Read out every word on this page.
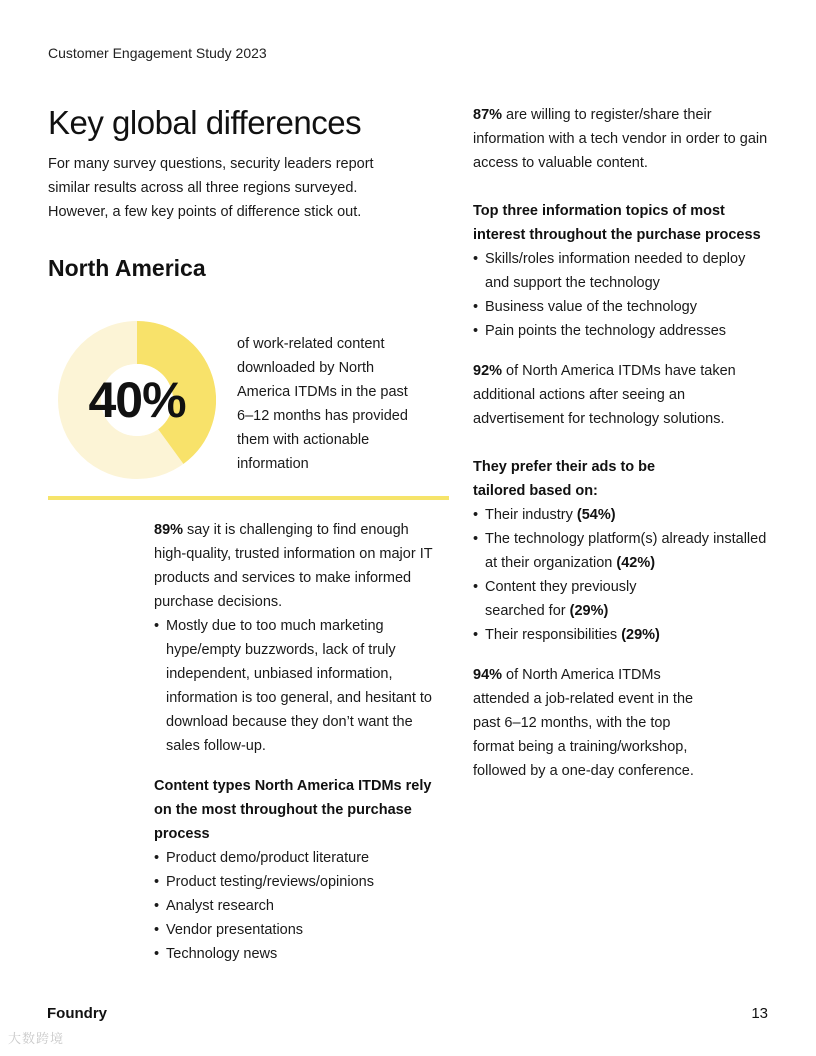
Customer Engagement Study 2023
Key global differences

For many survey questions, security leaders report similar results across all three regions surveyed. However, a few key points of difference stick out.

North America
40%

of work-related content downloaded by North America ITDMs in the past 6–12 months has provided them with actionable information

89% say it is challenging to find enough high-quality, trusted information on major IT products and services to make informed purchase decisions.

• Mostly due to too much marketing hype/empty buzzwords, lack of truly independent, unbiased information, information is too general, and hesitant to download because they don’t want the sales follow-up.

Content types North America ITDMs rely on the most throughout the purchase process

• Product demo/product literature
• Product testing/reviews/opinions
• Analyst research
• Vendor presentations
• Technology news

87% are willing to register/share their information with a tech vendor in order to gain access to valuable content.

Top three information topics of most interest throughout the purchase process

• Skills/roles information needed to deploy and support the technology
• Business value of the technology
• Pain points the technology addresses

92% of North America ITDMs have taken additional actions after seeing an advertisement for technology solutions.

They prefer their ads to be tailored based on:

• Their industry (54%)
• The technology platform(s) already installed at their organization (42%)
• Content they previously searched for (29%)
• Their responsibilities (29%)

94% of North America ITDMs attended a job-related event in the past 6–12 months, with the top format being a training/workshop, followed by a one-day conference.

Foundry	13
大数跨境
